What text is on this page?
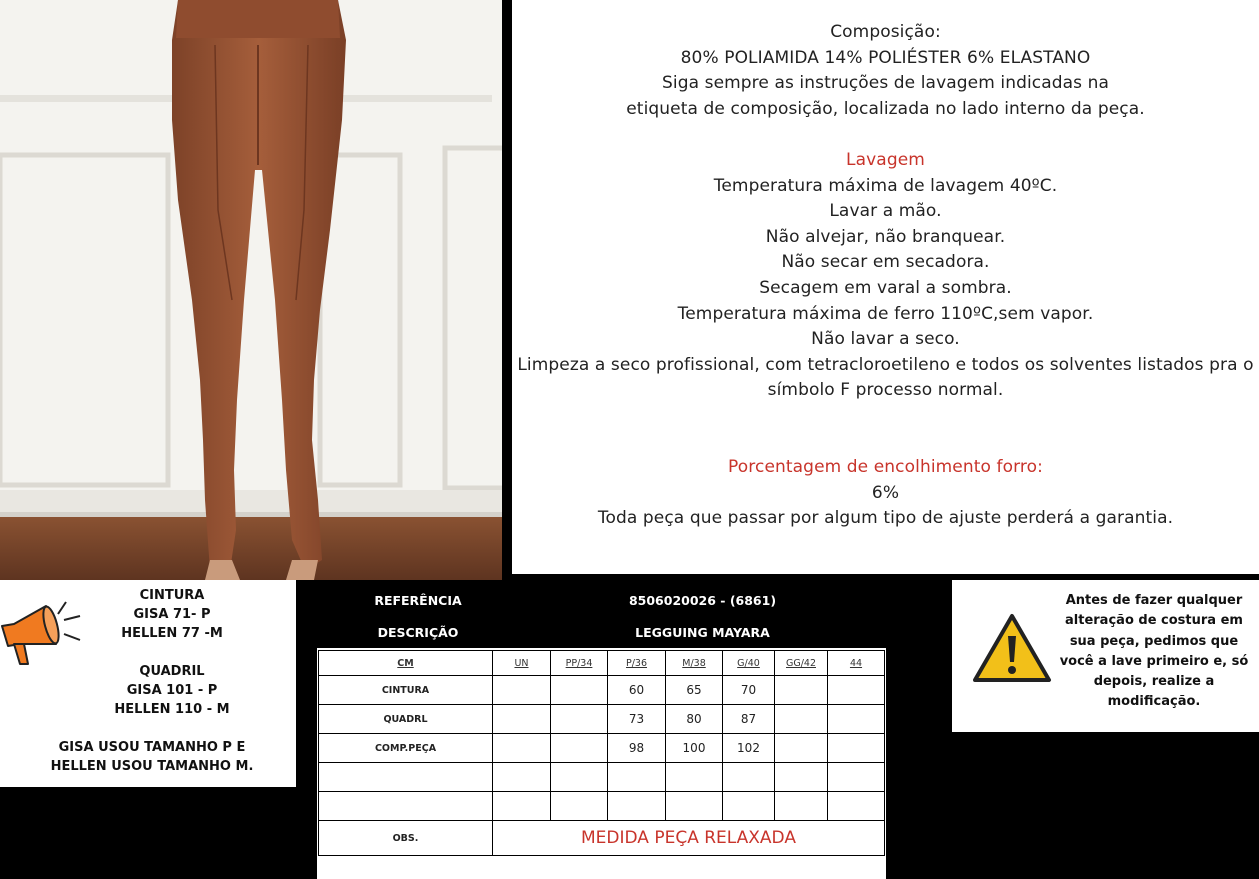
Composição:
80% POLIAMIDA 14% POLIÉSTER 6% ELASTANO
Siga sempre as instruções de lavagem indicadas na
etiqueta de composição, localizada no lado interno da peça.
Lavagem
Temperatura máxima de lavagem 40ºC.
Lavar a mão.
Não alvejar, não branquear.
Não secar em secadora.
Secagem em varal a sombra.
Temperatura máxima de ferro 110ºC,sem vapor.
Não lavar a seco.
Limpeza a seco profissional, com tetracloroetileno e todos os solventes listados pra o
símbolo F processo normal.
Porcentagem de encolhimento forro:
6%
Toda peça que passar por algum tipo de ajuste perderá a garantia.
CINTURA
GISA 71- P
HELLEN 77 -M
QUADRIL
GISA 101 - P
HELLEN 110 - M
GISA USOU TAMANHO P E
HELLEN USOU TAMANHO M.
REFERÊNCIA	8506020026 - (6861)
DESCRIÇÃO	LEGGUING MAYARA
CM	UN	PP/34	P/36	M/38	G/40	GG/42	44
CINTURA			60	65	70		
QUADRL			73	80	87		
COMP.PEÇA			98	100	102		

OBS.	MEDIDA PEÇA RELAXADA						
Antes de fazer qualquer
alteração de costura em
sua peça, pedimos que
você a lave primeiro e, só
depois, realize a
modificação.
